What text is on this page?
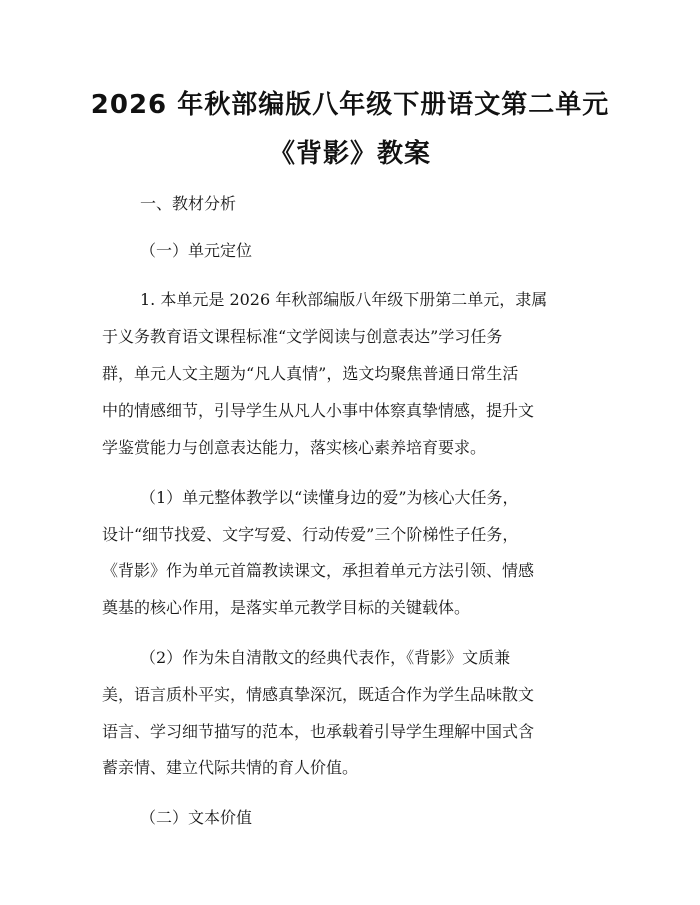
2026 年秋部编版八年级下册语文第二单元
《背影》教案
一、教材分析
（一）单元定位
1. 本单元是 2026 年秋部编版八年级下册第二单元，隶属
于义务教育语文课程标准“文学阅读与创意表达”学习任务
群，单元人文主题为“凡人真情”，选文均聚焦普通日常生活
中的情感细节，引导学生从凡人小事中体察真挚情感，提升文
学鉴赏能力与创意表达能力，落实核心素养培育要求。
（1）单元整体教学以“读懂身边的爱”为核心大任务，
设计“细节找爱、文字写爱、行动传爱”三个阶梯性子任务，
《背影》作为单元首篇教读课文，承担着单元方法引领、情感
奠基的核心作用，是落实单元教学目标的关键载体。
（2）作为朱自清散文的经典代表作，《背影》文质兼
美，语言质朴平实，情感真挚深沉，既适合作为学生品味散文
语言、学习细节描写的范本，也承载着引导学生理解中国式含
蓄亲情、建立代际共情的育人价值。
（二）文本价值
